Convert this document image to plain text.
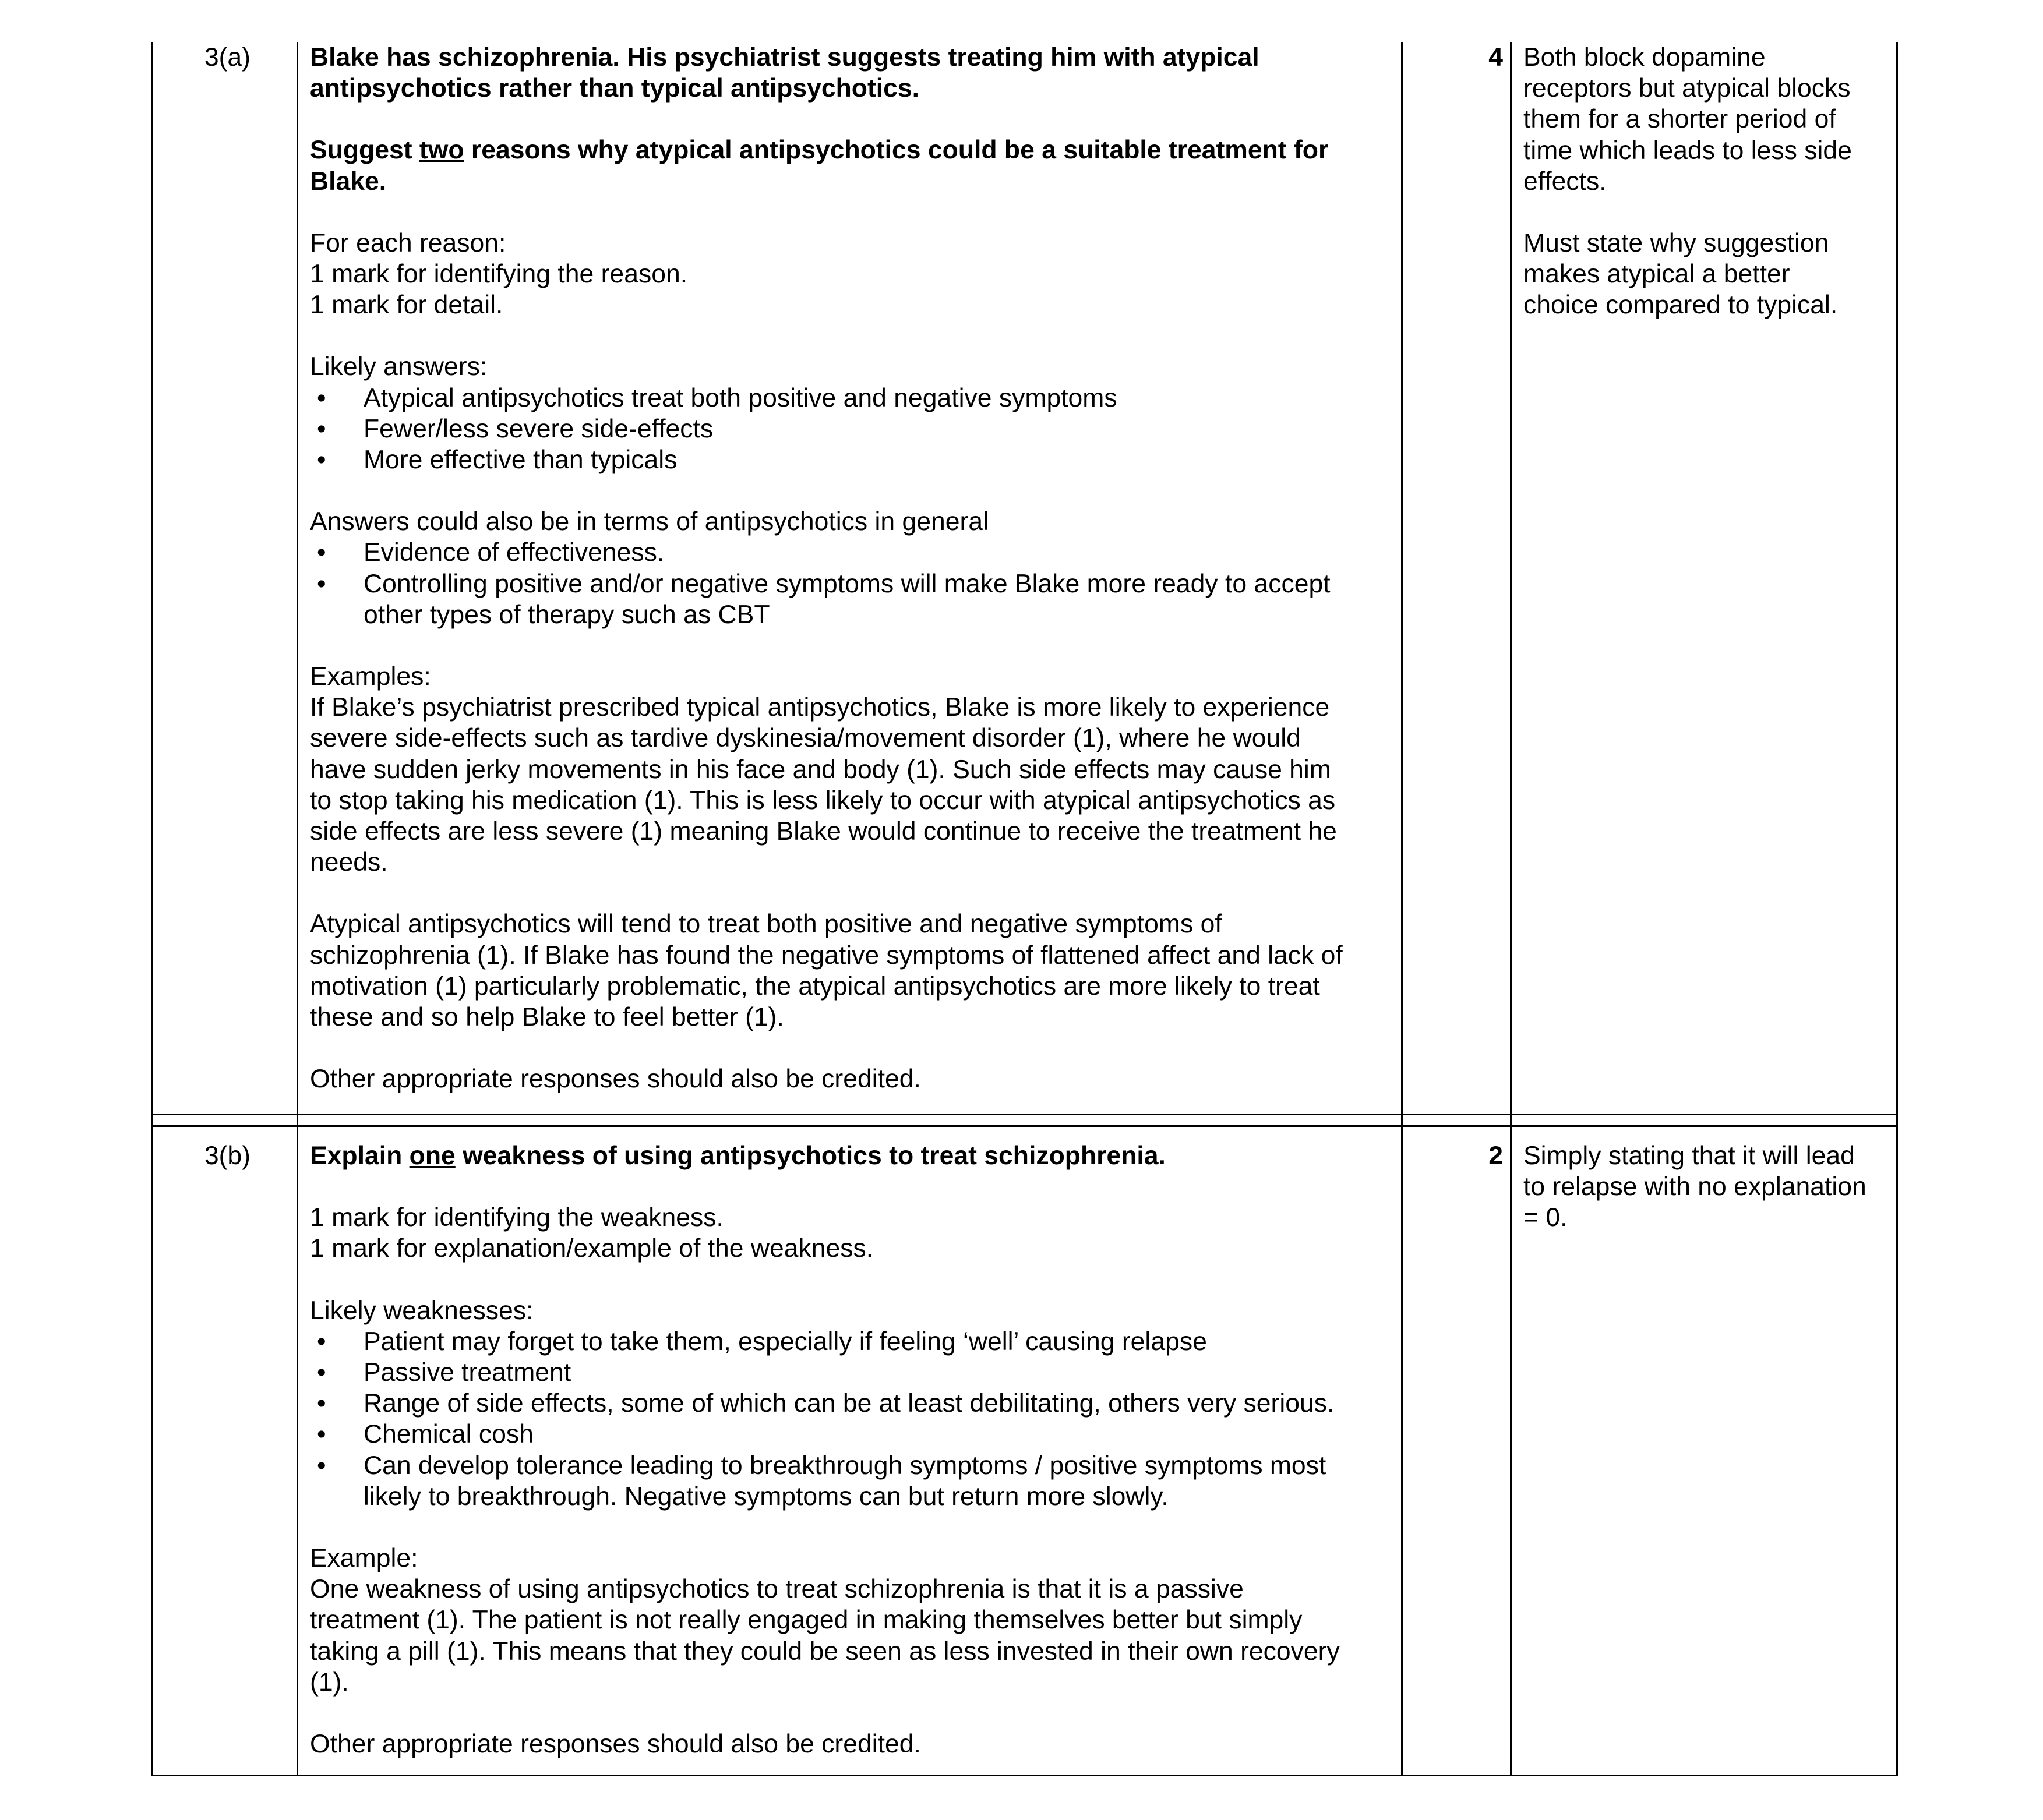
3(a) Blake has schizophrenia. His psychiatrist suggests treating him with atypical
antipsychotics rather than typical antipsychotics.

Suggest two reasons why atypical antipsychotics could be a suitable treatment for
Blake.

For each reason:
1 mark for identifying the reason.
1 mark for detail.

Likely answers:
• Atypical antipsychotics treat both positive and negative symptoms
• Fewer/less severe side-effects
• More effective than typicals
Answers could also be in terms of antipsychotics in general
• Evidence of effectiveness.
• Controlling positive and/or negative symptoms will make Blake more ready to accept
other types of therapy such as CBT
Examples:

If Blake’s psychiatrist prescribed typical antipsychotics, Blake is more likely to experience
severe side-effects such as tardive dyskinesia/movement disorder (1), where he would
have sudden jerky movements in his face and body (1). Such side effects may cause him
to stop taking his medication (1). This is less likely to occur with atypical antipsychotics as
side effects are less severe (1) meaning Blake would continue to receive the treatment he
needs.

Atypical antipsychotics will tend to treat both positive and negative symptoms of
schizophrenia (1). If Blake has found the negative symptoms of flattened affect and lack of
motivation (1) particularly problematic, the atypical antipsychotics are more likely to treat
these and so help Blake to feel better (1).

Other appropriate responses should also be credited.

4 Both block dopamine
receptors but atypical blocks
them for a shorter period of
time which leads to less side
effects.

Must state why suggestion
makes atypical a better
choice compared to typical.

3(b) Explain one weakness of using antipsychotics to treat schizophrenia.

1 mark for identifying the weakness.
1 mark for explanation/example of the weakness.

Likely weaknesses:
• Patient may forget to take them, especially if feeling ‘well’ causing relapse
• Passive treatment
• Range of side effects, some of which can be at least debilitating, others very serious.
• Chemical cosh
• Can develop tolerance leading to breakthrough symptoms / positive symptoms most
likely to breakthrough. Negative symptoms can but return more slowly.
Example:

One weakness of using antipsychotics to treat schizophrenia is that it is a passive
treatment (1). The patient is not really engaged in making themselves better but simply
taking a pill (1). This means that they could be seen as less invested in their own recovery
(1).

Other appropriate responses should also be credited.

2 Simply stating that it will lead
to relapse with no explanation
= 0.
